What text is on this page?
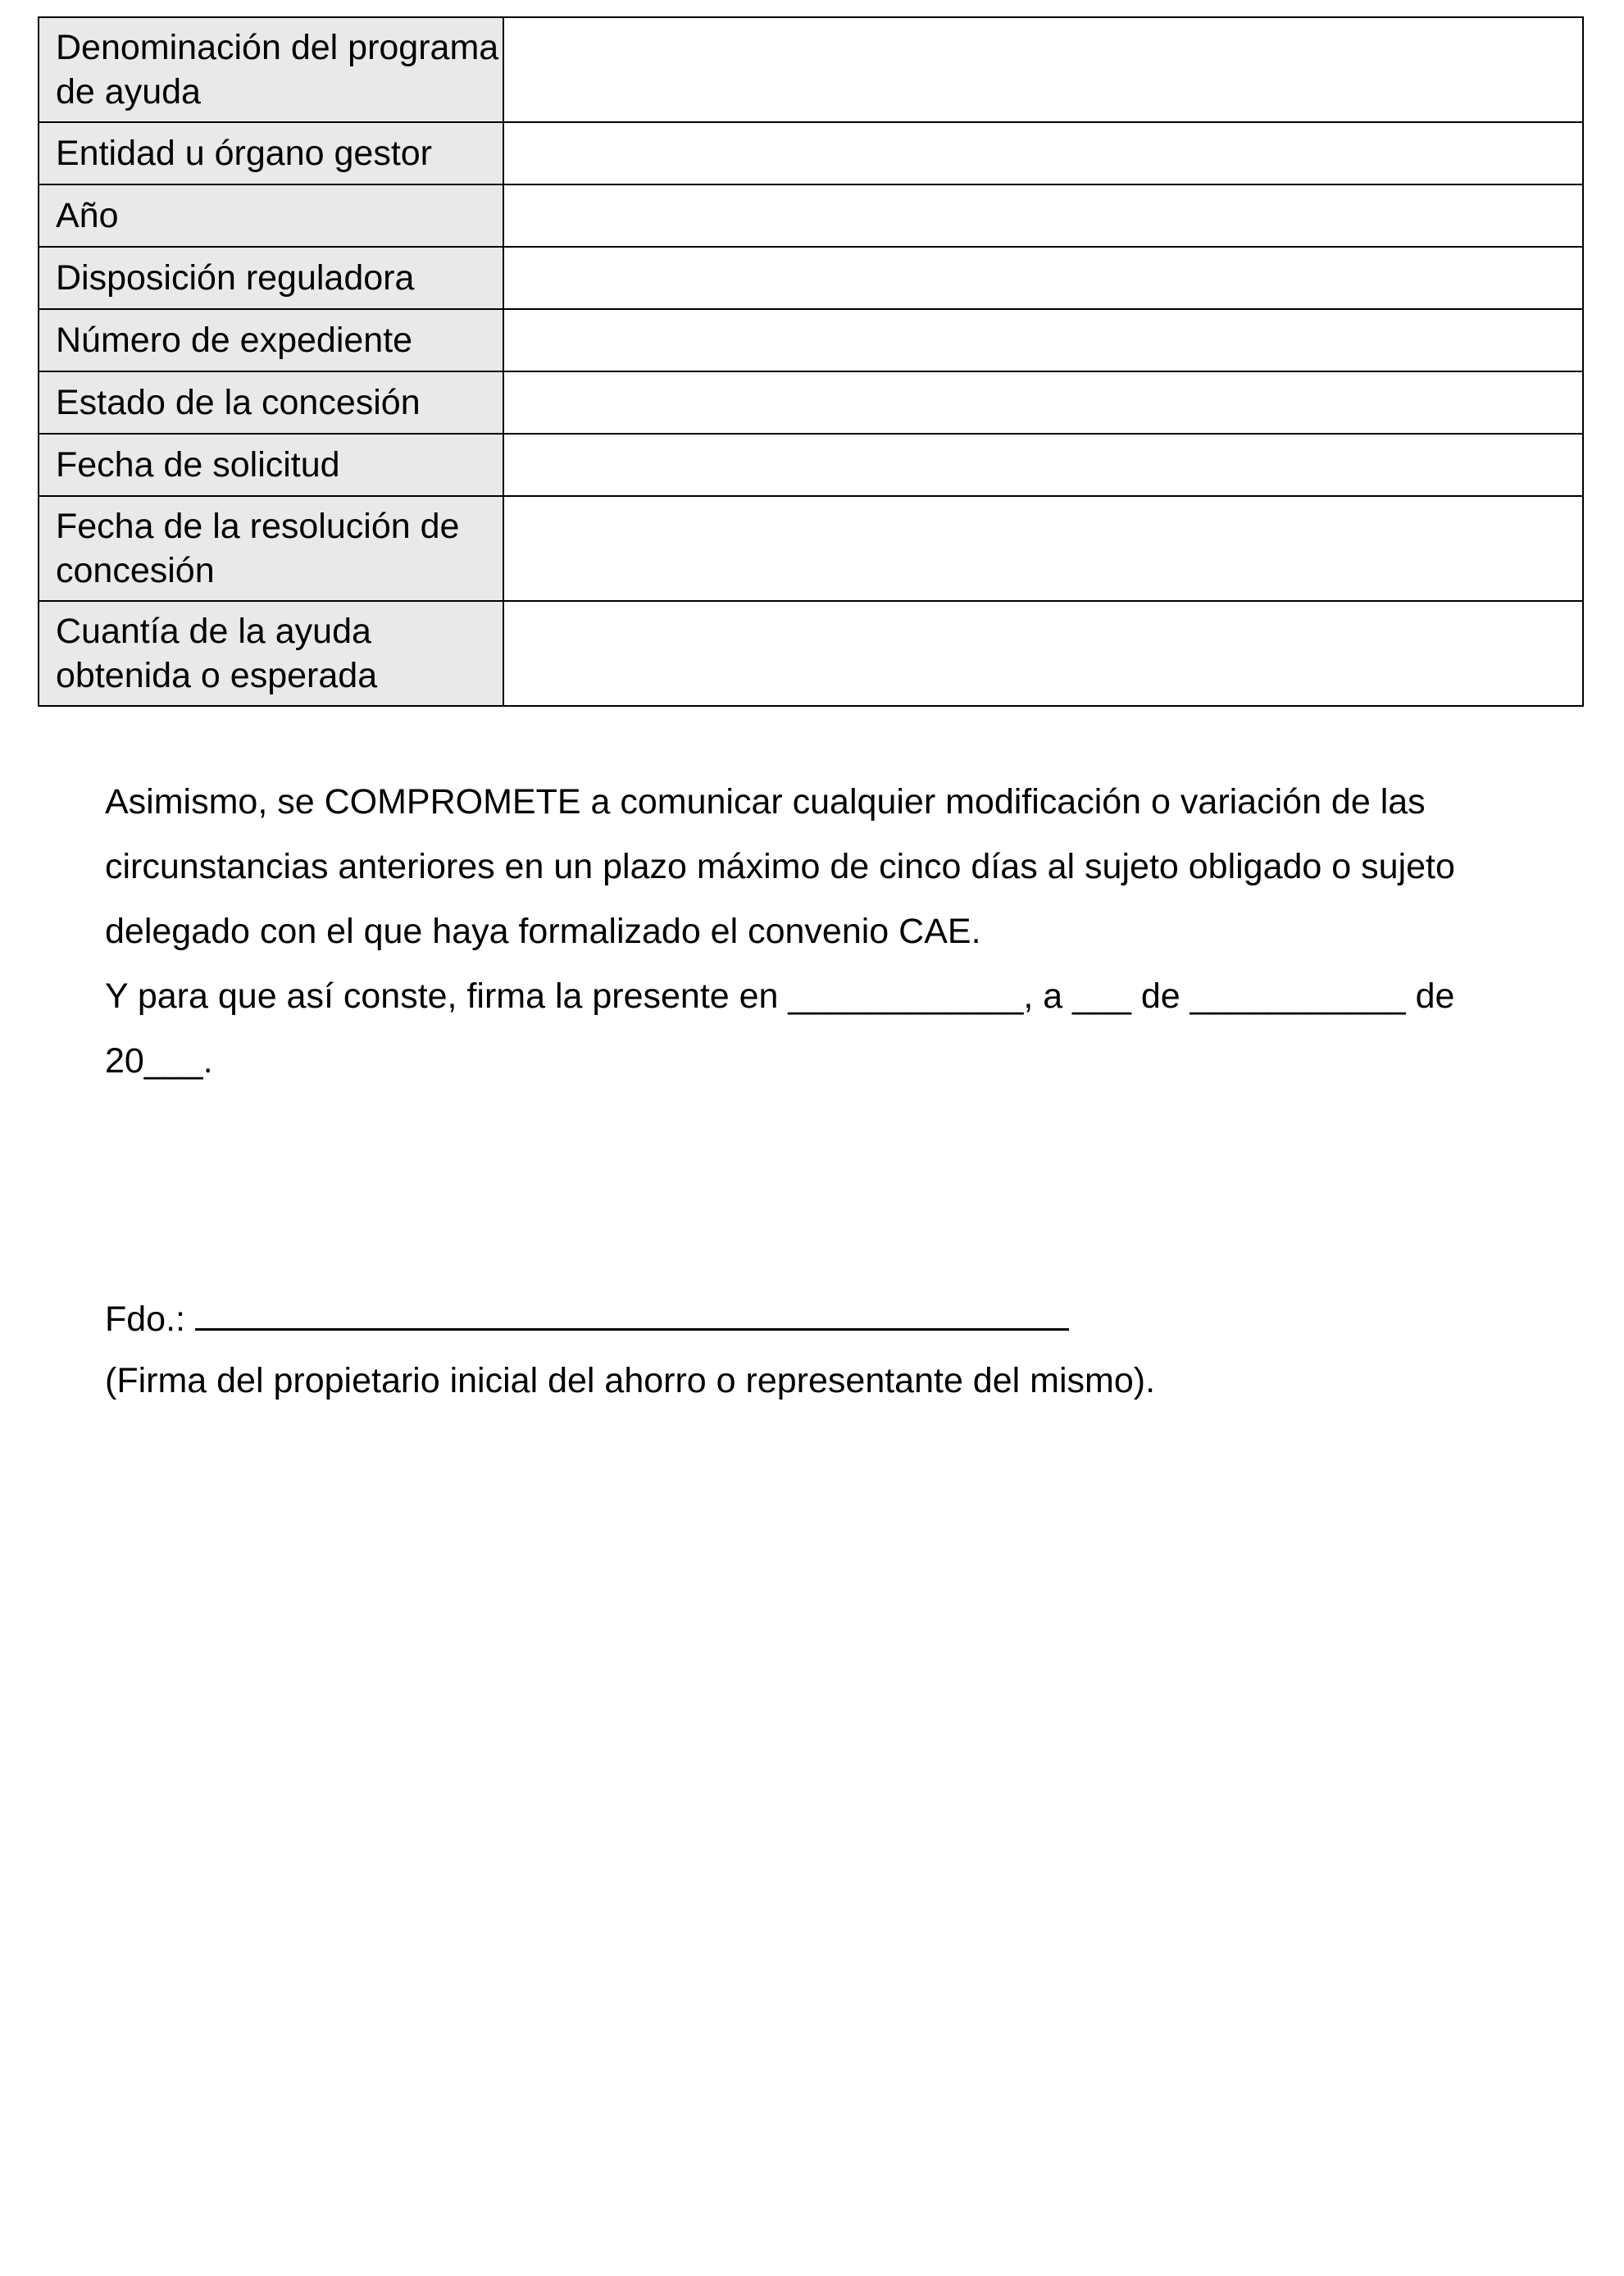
Denominación del programa de ayuda	
Entidad u órgano gestor	
Año	
Disposición reguladora	
Número de expediente	
Estado de la concesión	
Fecha de solicitud	
Fecha de la resolución de concesión	
Cuantía de la ayuda obtenida o esperada	

Asimismo, se COMPROMETE a comunicar cualquier modificación o variación de las circunstancias anteriores en un plazo máximo de cinco días al sujeto obligado o sujeto delegado con el que haya formalizado el convenio CAE.

Y para que así conste, firma la presente en ____________, a ___ de ___________ de 20___.

Fdo.:

(Firma del propietario inicial del ahorro o representante del mismo).
